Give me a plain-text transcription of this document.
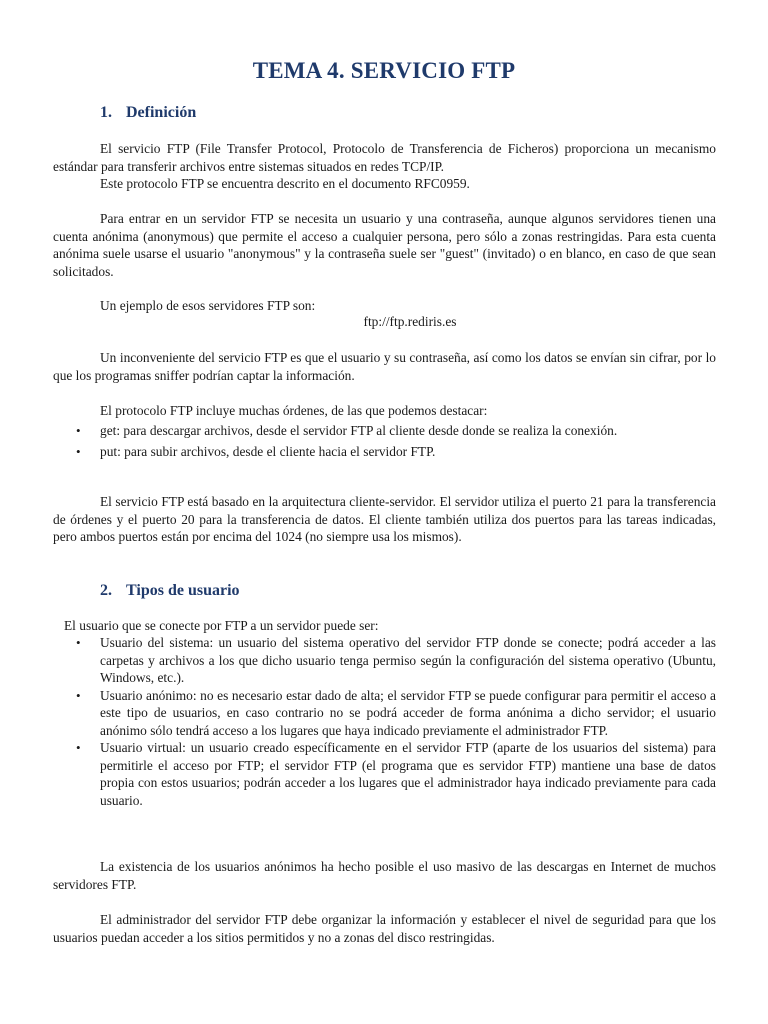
TEMA 4. SERVICIO FTP
1. Definición

El servicio FTP (File Transfer Protocol, Protocolo de Transferencia de Ficheros) proporciona un mecanismo estándar para transferir archivos entre sistemas situados en redes TCP/IP.

Este protocolo FTP se encuentra descrito en el documento RFC0959.

Para entrar en un servidor FTP se necesita un usuario y una contraseña, aunque algunos servidores tienen una cuenta anónima (anonymous) que permite el acceso a cualquier persona, pero sólo a zonas restringidas. Para esta cuenta anónima suele usarse el usuario "anonymous" y la contraseña suele ser "guest" (invitado) o en blanco, en caso de que sean solicitados.

Un ejemplo de esos servidores FTP son:

ftp://ftp.rediris.es

Un inconveniente del servicio FTP es que el usuario y su contraseña, así como los datos se envían sin cifrar, por lo que los programas sniffer podrían captar la información.

El protocolo FTP incluye muchas órdenes, de las que podemos destacar:

• get: para descargar archivos, desde el servidor FTP al cliente desde donde se realiza la conexión.
• put: para subir archivos, desde el cliente hacia el servidor FTP.

El servicio FTP está basado en la arquitectura cliente-servidor. El servidor utiliza el puerto 21 para la transferencia de órdenes y el puerto 20 para la transferencia de datos. El cliente también utiliza dos puertos para las tareas indicadas, pero ambos puertos están por encima del 1024 (no siempre usa los mismos).

2. Tipos de usuario

El usuario que se conecte por FTP a un servidor puede ser:

• Usuario del sistema: un usuario del sistema operativo del servidor FTP donde se conecte; podrá acceder a las carpetas y archivos a los que dicho usuario tenga permiso según la configuración del sistema operativo (Ubuntu, Windows, etc.).
• Usuario anónimo: no es necesario estar dado de alta; el servidor FTP se puede configurar para permitir el acceso a este tipo de usuarios, en caso contrario no se podrá acceder de forma anónima a dicho servidor; el usuario anónimo sólo tendrá acceso a los lugares que haya indicado previamente el administrador FTP.
• Usuario virtual: un usuario creado específicamente en el servidor FTP (aparte de los usuarios del sistema) para permitirle el acceso por FTP; el servidor FTP (el programa que es servidor FTP) mantiene una base de datos propia con estos usuarios; podrán acceder a los lugares que el administrador haya indicado previamente para cada usuario.

La existencia de los usuarios anónimos ha hecho posible el uso masivo de las descargas en Internet de muchos servidores FTP.

El administrador del servidor FTP debe organizar la información y establecer el nivel de seguridad para que los usuarios puedan acceder a los sitios permitidos y no a zonas del disco restringidas.
